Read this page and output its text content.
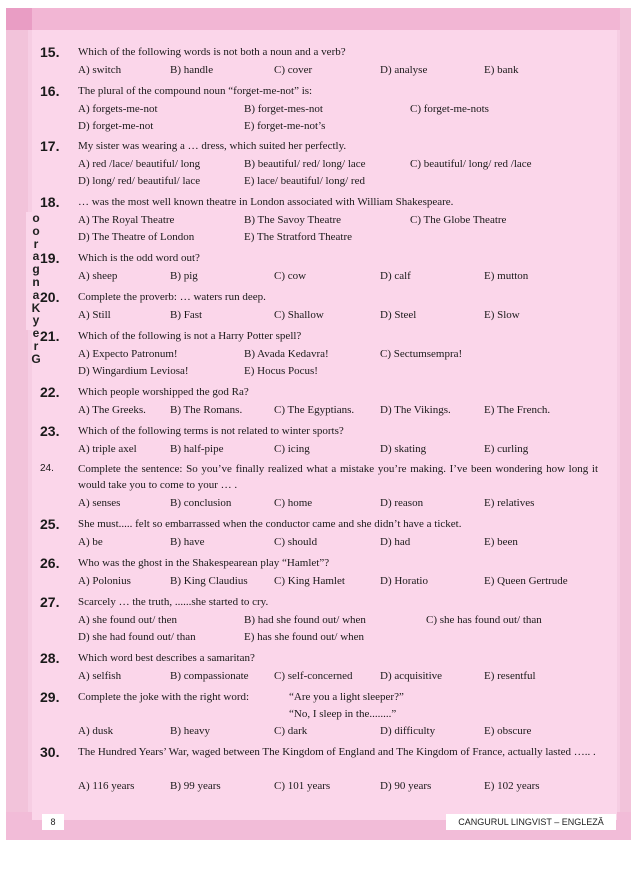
o
o
r
a
g
n
a
K
y
e
r
G
15.	Which of the following words is not both a noun and a verb?
A) switch	B) handle	C) cover	D) analyse	E) bank
16.	The plural of the compound noun “forget-me-not” is:
A) forgets-me-not	B) forget-mes-not	C) forget-me-nots
D) forget-me-not	E) forget-me-not’s
17.	My sister was wearing a … dress, which suited her perfectly.
A) red /lace/ beautiful/ long	B) beautiful/ red/ long/ lace	C) beautiful/ long/ red /lace
D) long/ red/ beautiful/ lace	E) lace/ beautiful/ long/ red
18.	… was the most well known theatre in London associated with William Shakespeare.
A) The Royal Theatre	B) The Savoy Theatre	C) The Globe Theatre
D) The Theatre of London	E) The Stratford Theatre
19.	Which is the odd word out?
A) sheep	B) pig	C) cow	D) calf	E) mutton
20.	Complete the proverb: … waters run deep.
A) Still	B) Fast	C) Shallow	D) Steel	E) Slow
21.	Which of the following is not a Harry Potter spell?
A) Expecto Patronum!	B) Avada Kedavra!	C) Sectumsempra!
D) Wingardium Leviosa!	E) Hocus Pocus!
22.	Which people worshipped the god Ra?
A) The Greeks. B) The Romans.	C) The Egyptians. D) The Vikings.	E) The French.
23.	Which of the following terms is not related to winter sports?
A) triple axel	B) half-pipe	C) icing	D) skating	E) curling
24.	Complete the sentence: So you’ve finally realized what a mistake you’re making. I’ve been wondering how long it would take you to come to your … .
A) senses	B) conclusion	C) home	D) reason	E) relatives
25.	She must..... felt so embarrassed when the conductor came and she didn’t have a ticket.
A) be	B) have	C) should	D) had	E) been
26.	Who was the ghost in the Shakespearean play “Hamlet”?
A) Polonius	B) King Claudius C) King Hamlet	D) Horatio	E) Queen Gertrude
27.	Scarcely … the truth, ......she started to cry.
A) she found out/ then	B) had she found out/ when	C) she has found out/ than
D) she had found out/ than	E) has she found out/ when
28.	Which word best describes a samaritan?
A) selfish	B) compassionate C) self-concerned	D) acquisitive	E) resentful
29.	Complete the joke with the right word:	“Are you a light sleeper?”
“No, I sleep in the........”
A) dusk	B) heavy	C) dark	D) difficulty	E) obscure
30.	The Hundred Years’ War, waged between The Kingdom of England and The Kingdom of France, actually lasted ….. .
A) 116 years	B) 99 years	C) 101 years	D) 90 years	E) 102 years
8	CANGURUL LINGVIST – ENGLEZĂ
